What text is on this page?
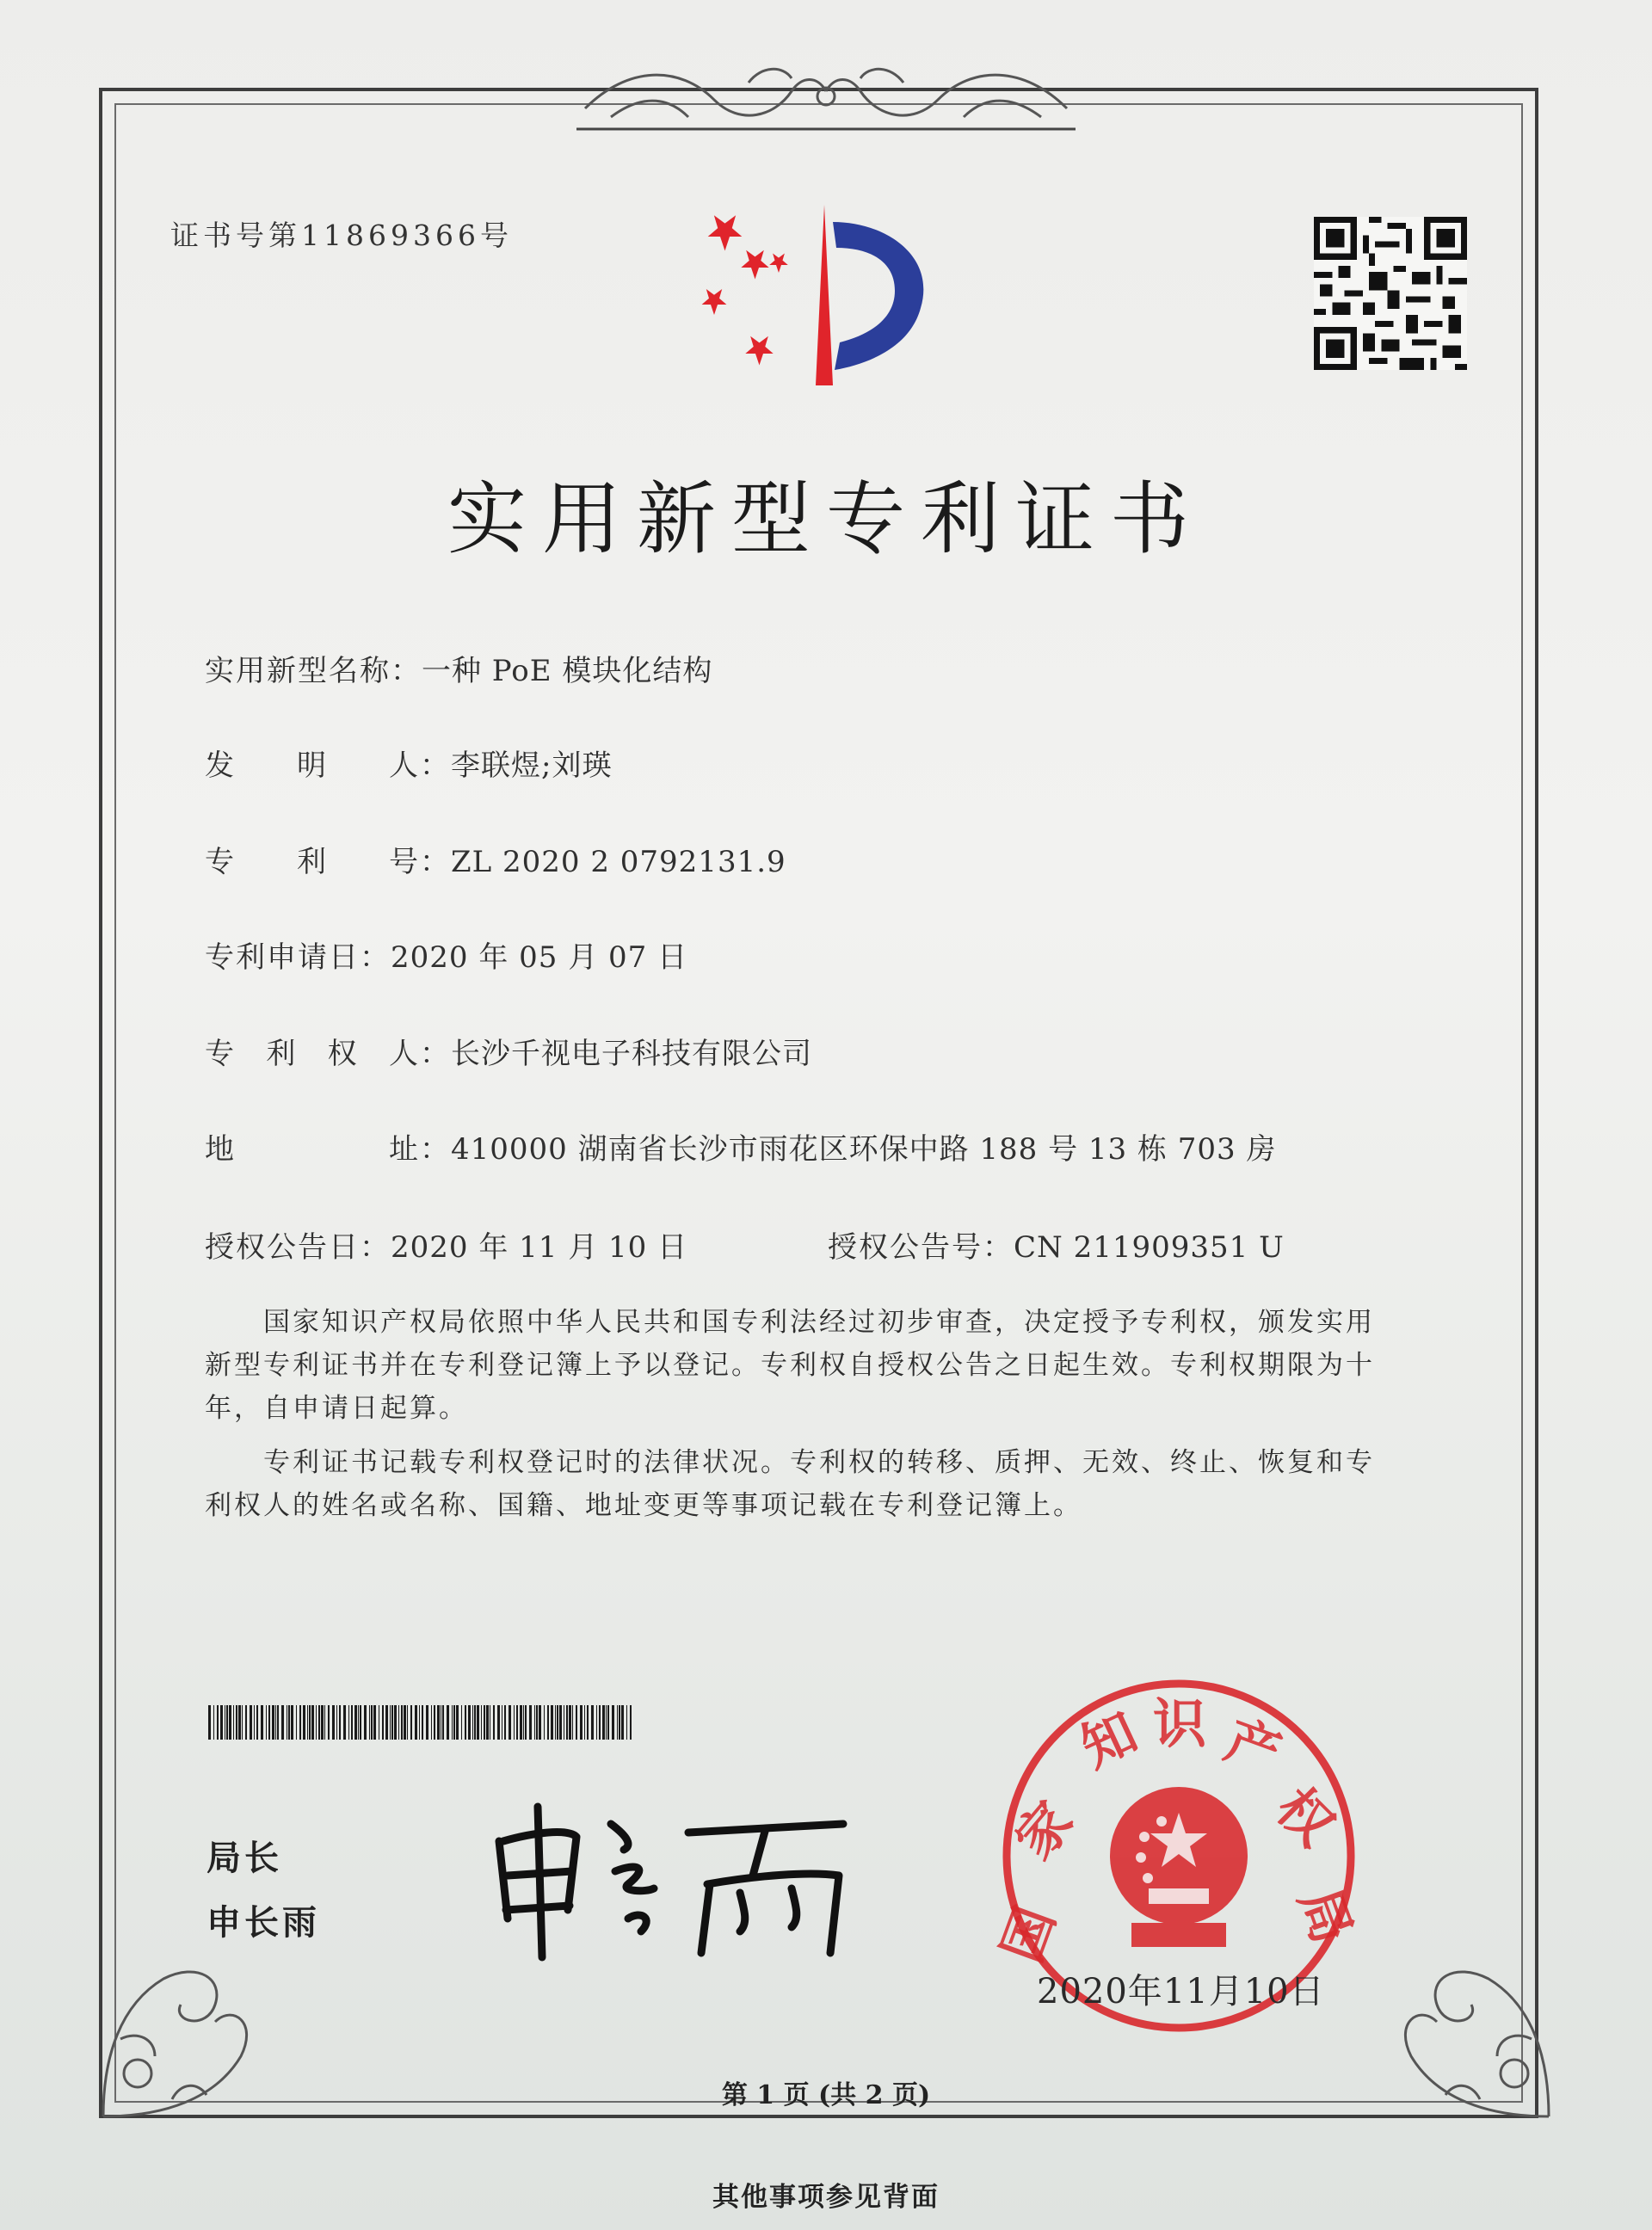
证书号第11869366号
实用新型专利证书
实用新型名称：一种 PoE 模块化结构
发 明 人：李联煜;刘瑛
专 利 号：ZL 2020 2 0792131.9
专利申请日：2020 年 05 月 07 日
专 利 权 人：长沙千视电子科技有限公司
地 址：410000 湖南省长沙市雨花区环保中路 188 号 13 栋 703 房
授权公告日：2020 年 11 月 10 日	授权公告号：CN 211909351 U
　　国家知识产权局依照中华人民共和国专利法经过初步审查，决定授予专利权，颁发实用
新型专利证书并在专利登记簿上予以登记。专利权自授权公告之日起生效。专利权期限为十
年，自申请日起算。
　　专利证书记载专利权登记时的法律状况。专利权的转移、质押、无效、终止、恢复和专
利权人的姓名或名称、国籍、地址变更等事项记载在专利登记簿上。
局长
申长雨	国
家
知 识 产
权
局
2020年11月10日
第 1 页 (共 2 页)
其他事项参见背面
